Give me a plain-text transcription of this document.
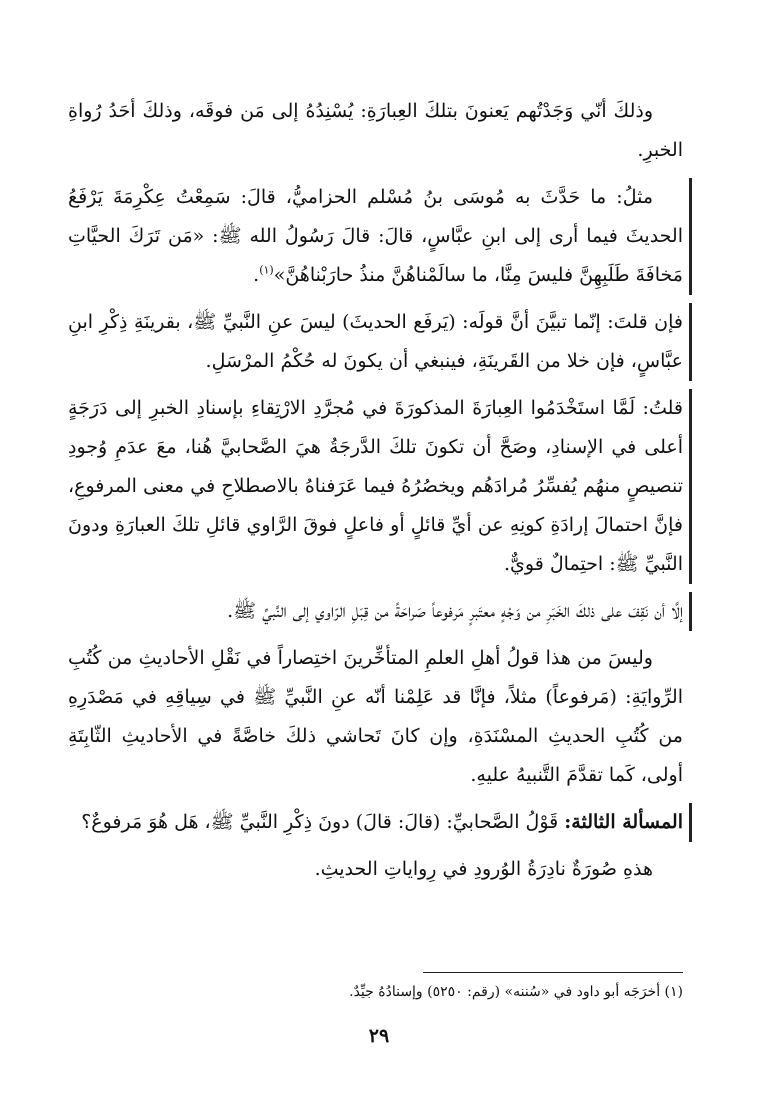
وذلكَ أنّي وَجَدْتُهم يَعنونَ بتلكَ العِبارَةِ: يُسْنِدُهُ إلى مَن فوقَه، وذلكَ أحَدُ رُواةِ الخبرِ.

مثلُ: ما حَدَّثَ به مُوسَى بنُ مُسْلم الحزاميُّ، قالَ: سَمِعْتُ عِكْرِمَةَ يَرْفَعُ الحديثَ فيما أرى إلى ابنِ عبَّاسٍ، قالَ: قالَ رَسُولُ الله ﷺ: «مَن تَرَكَ الحيَّاتِ مَخافَةَ طَلَبِهِنَّ فليسَ مِنَّا، ما سالَمْناهُنَّ منذُ حارَبْناهُنَّ»$^{(١)}$.

فإن قلتَ: إنّما تبيَّنَ أنَّ قولَه: (يَرفَع الحديثَ) ليسَ عنِ النَّبيِّ ﷺ، بقرينَةِ ذِكْرِ ابنِ عبَّاسٍ، فإن خلا من القَرينَةِ، فينبغي أن يكونَ له حُكْمُ المرْسَلِ.

قلتُ: لَمَّا استَخْدَمُوا العِبارَةَ المذكورَةَ في مُجرَّدِ الارْتِقاءِ بإسنادِ الخبرِ إلى دَرَجَةٍ أعلى في الإسنادِ، وصَحَّ أن تكونَ تلكَ الدَّرجَةُ هيَ الصَّحابيَّ هُنا، معَ عدَمِ وُجودِ تنصيصٍ منهُم يُفسِّرُ مُرادَهُم ويخصُرُهُ فيما عَرَفناهُ بالاصطلاحِ في معنى المرفوعِ، فإنَّ احتمالَ إرادَةِ كونِهِ عن أيِّ قائلٍ أو فاعلٍ فوقَ الرَّاوي قائلِ تلكَ العبارَةِ ودونَ النَّبيِّ ﷺ: احتِمالٌ قويٌّ.

إلَّا أن نَقِفَ على ذلكَ الخَبَرِ من وَجْهٍ معتَبرٍ مَرفوعاً صَراحَةً من قِبَلِ الرّاوي إلى النَّبيِّ ﷺ.

وليسَ من هذا قولُ أهلِ العلمِ المتأخِّرينَ اختِصاراً في نَقْلِ الأحاديثِ من كُتُبِ الرِّوايَةِ: (مَرفوعاً) مثلاً، فإنَّا قد عَلِمْنا أنّه عنِ النَّبيِّ ﷺ في سِياقِهِ في مَصْدَرِهِ من كُتُبِ الحديثِ المسْنَدَةِ، وإن كانَ تَحاشي ذلكَ خاصَّةً في الأحاديثِ الثّابِتَةِ أولى، كَما تقدَّمَ التَّنبيهُ عليهِ.

المسألة الثالثة: قَوْلُ الصَّحابيِّ: (قالَ: قالَ) دونَ ذِكْرِ النَّبيِّ ﷺ، هَل هُوَ مَرفوعٌ؟

هذهِ صُورَةٌ نادِرَةُ الوُرودِ في رِواياتِ الحديثِ.

(١) أخرَجَه أبو داود في «سُننه» (رقم: ٥٢٥٠) وإسنادُهُ جيِّدٌ.
٢٩
